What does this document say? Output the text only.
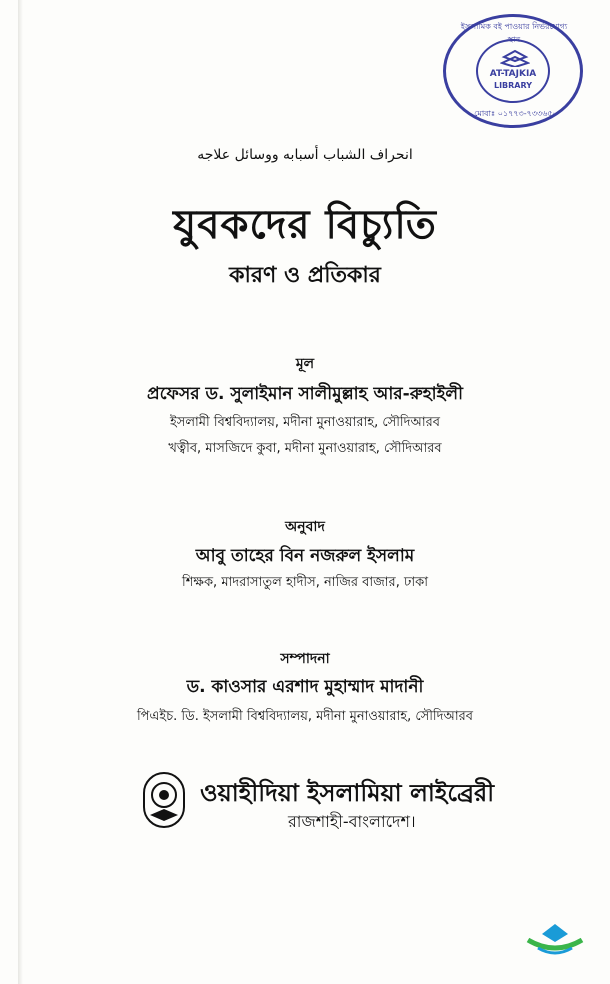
ইসলামিক বই পাওয়ার নির্ভরযোগ্য স্থান
AT-TAJKIA
LIBRARY
মোবাঃ ০১৭৭৩-৭৩৩৬৫০
انحراف الشباب أسبابه ووسائل علاجه
যুবকদের বিচ্যুতি
কারণ ও প্রতিকার
মূল
প্রফেসর ড. সুলাইমান সালীমুল্লাহ আর-রুহাইলী
ইসলামী বিশ্ববিদ্যালয়, মদীনা মুনাওয়ারাহ, সৌদিআরব
খত্বীব, মাসজিদে কুবা, মদীনা মুনাওয়ারাহ, সৌদিআরব
অনুবাদ
আবু তাহের বিন নজরুল ইসলাম
শিক্ষক, মাদরাসাতুল হাদীস, নাজির বাজার, ঢাকা
সম্পাদনা
ড. কাওসার এরশাদ মুহাম্মাদ মাদানী
পিএইচ. ডি. ইসলামী বিশ্ববিদ্যালয়, মদীনা মুনাওয়ারাহ, সৌদিআরব
ওয়াহীদিয়া ইসলামিয়া লাইব্রেরী
রাজশাহী-বাংলাদেশ।
